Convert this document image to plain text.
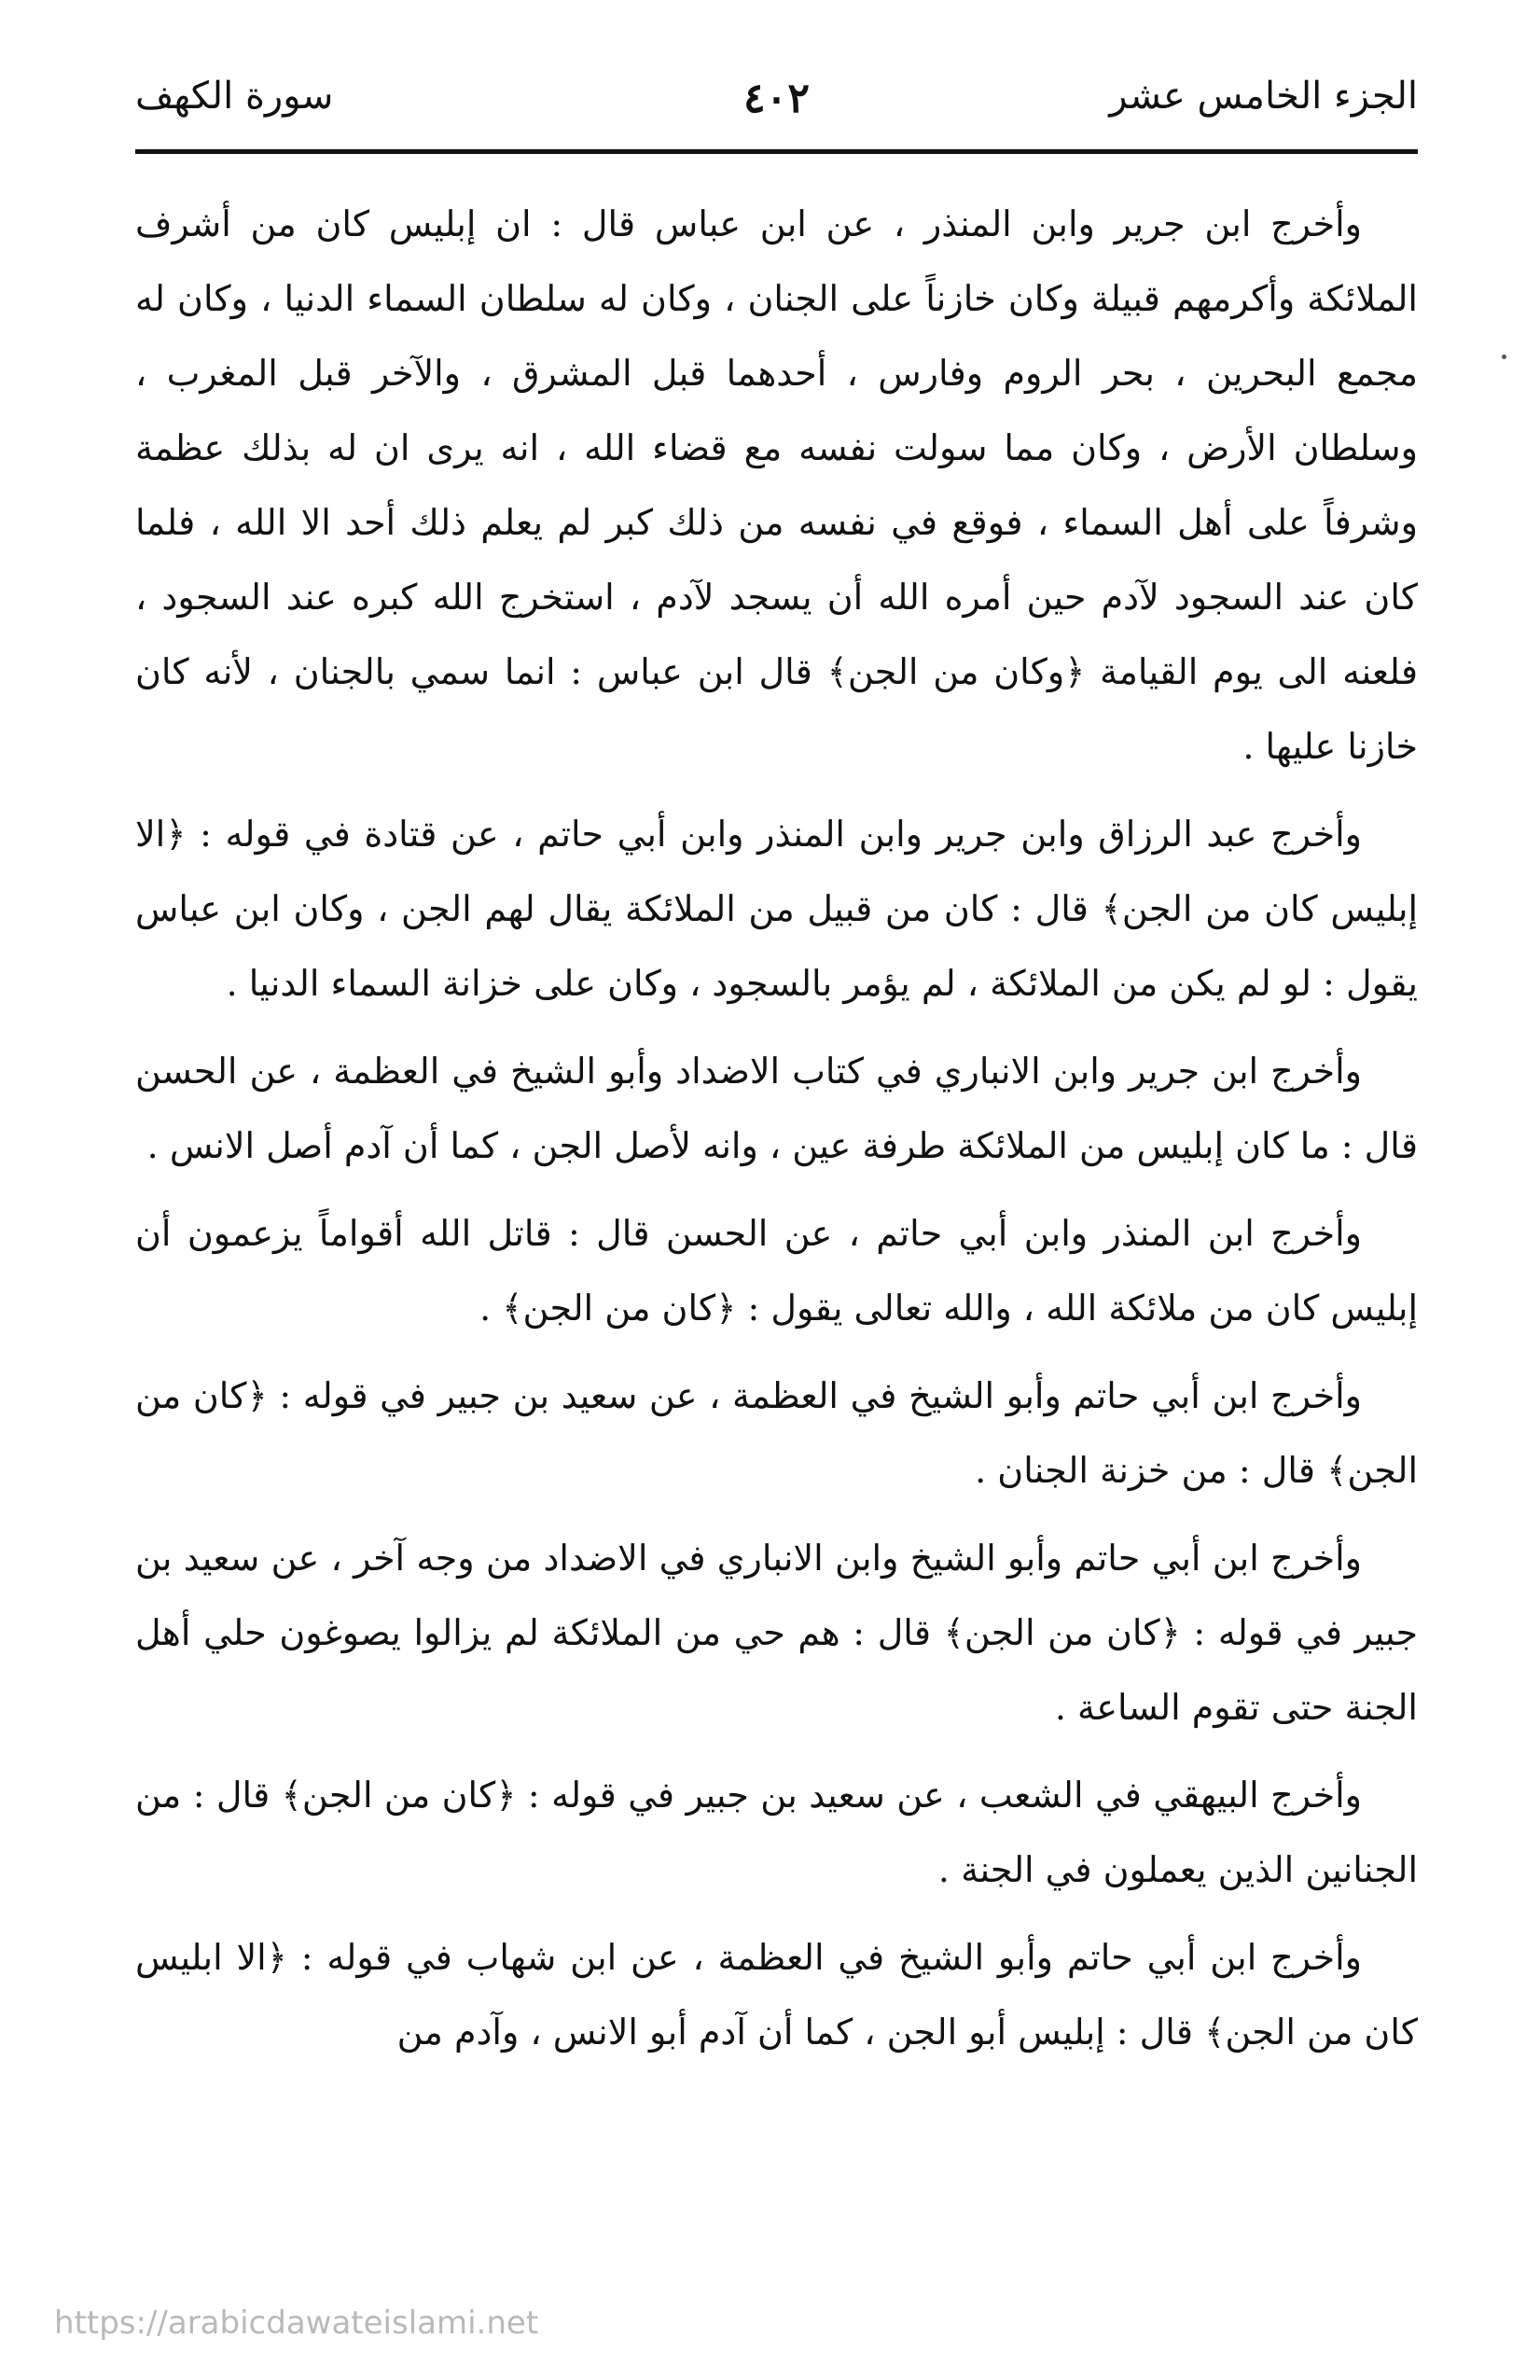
الجزء الخامس عشر
٤٠٢
سورة الكهف

وأخرج ابن جرير وابن المنذر ، عن ابن عباس قال : ان إبليس كان من أشرف الملائكة وأكرمهم قبيلة وكان خازناً على الجنان ، وكان له سلطان السماء الدنيا ، وكان له مجمع البحرين ، بحر الروم وفارس ، أحدهما قبل المشرق ، والآخر قبل المغرب ، وسلطان الأرض ، وكان مما سولت نفسه مع قضاء الله ، انه يرى ان له بذلك عظمة وشرفاً على أهل السماء ، فوقع في نفسه من ذلك كبر لم يعلم ذلك أحد الا الله ، فلما كان عند السجود لآدم حين أمره الله أن يسجد لآدم ، استخرج الله كبره عند السجود ، فلعنه الى يوم القيامة ﴿وكان من الجن﴾ قال ابن عباس : انما سمي بالجنان ، لأنه كان خازنا عليها .

وأخرج عبد الرزاق وابن جرير وابن المنذر وابن أبي حاتم ، عن قتادة في قوله : ﴿الا إبليس كان من الجن﴾ قال : كان من قبيل من الملائكة يقال لهم الجن ، وكان ابن عباس يقول : لو لم يكن من الملائكة ، لم يؤمر بالسجود ، وكان على خزانة السماء الدنيا .

وأخرج ابن جرير وابن الانباري في كتاب الاضداد وأبو الشيخ في العظمة ، عن الحسن قال : ما كان إبليس من الملائكة طرفة عين ، وانه لأصل الجن ، كما أن آدم أصل الانس .

وأخرج ابن المنذر وابن أبي حاتم ، عن الحسن قال : قاتل الله أقواماً يزعمون أن إبليس كان من ملائكة الله ، والله تعالى يقول : ﴿كان من الجن﴾ .

وأخرج ابن أبي حاتم وأبو الشيخ في العظمة ، عن سعيد بن جبير في قوله : ﴿كان من الجن﴾ قال : من خزنة الجنان .

وأخرج ابن أبي حاتم وأبو الشيخ وابن الانباري في الاضداد من وجه آخر ، عن سعيد بن جبير في قوله : ﴿كان من الجن﴾ قال : هم حي من الملائكة لم يزالوا يصوغون حلي أهل الجنة حتى تقوم الساعة .

وأخرج البيهقي في الشعب ، عن سعيد بن جبير في قوله : ﴿كان من الجن﴾ قال : من الجنانين الذين يعملون في الجنة .

وأخرج ابن أبي حاتم وأبو الشيخ في العظمة ، عن ابن شهاب في قوله : ﴿الا ابليس كان من الجن﴾ قال : إبليس أبو الجن ، كما أن آدم أبو الانس ، وآدم من

https://arabicdawateislami.net
